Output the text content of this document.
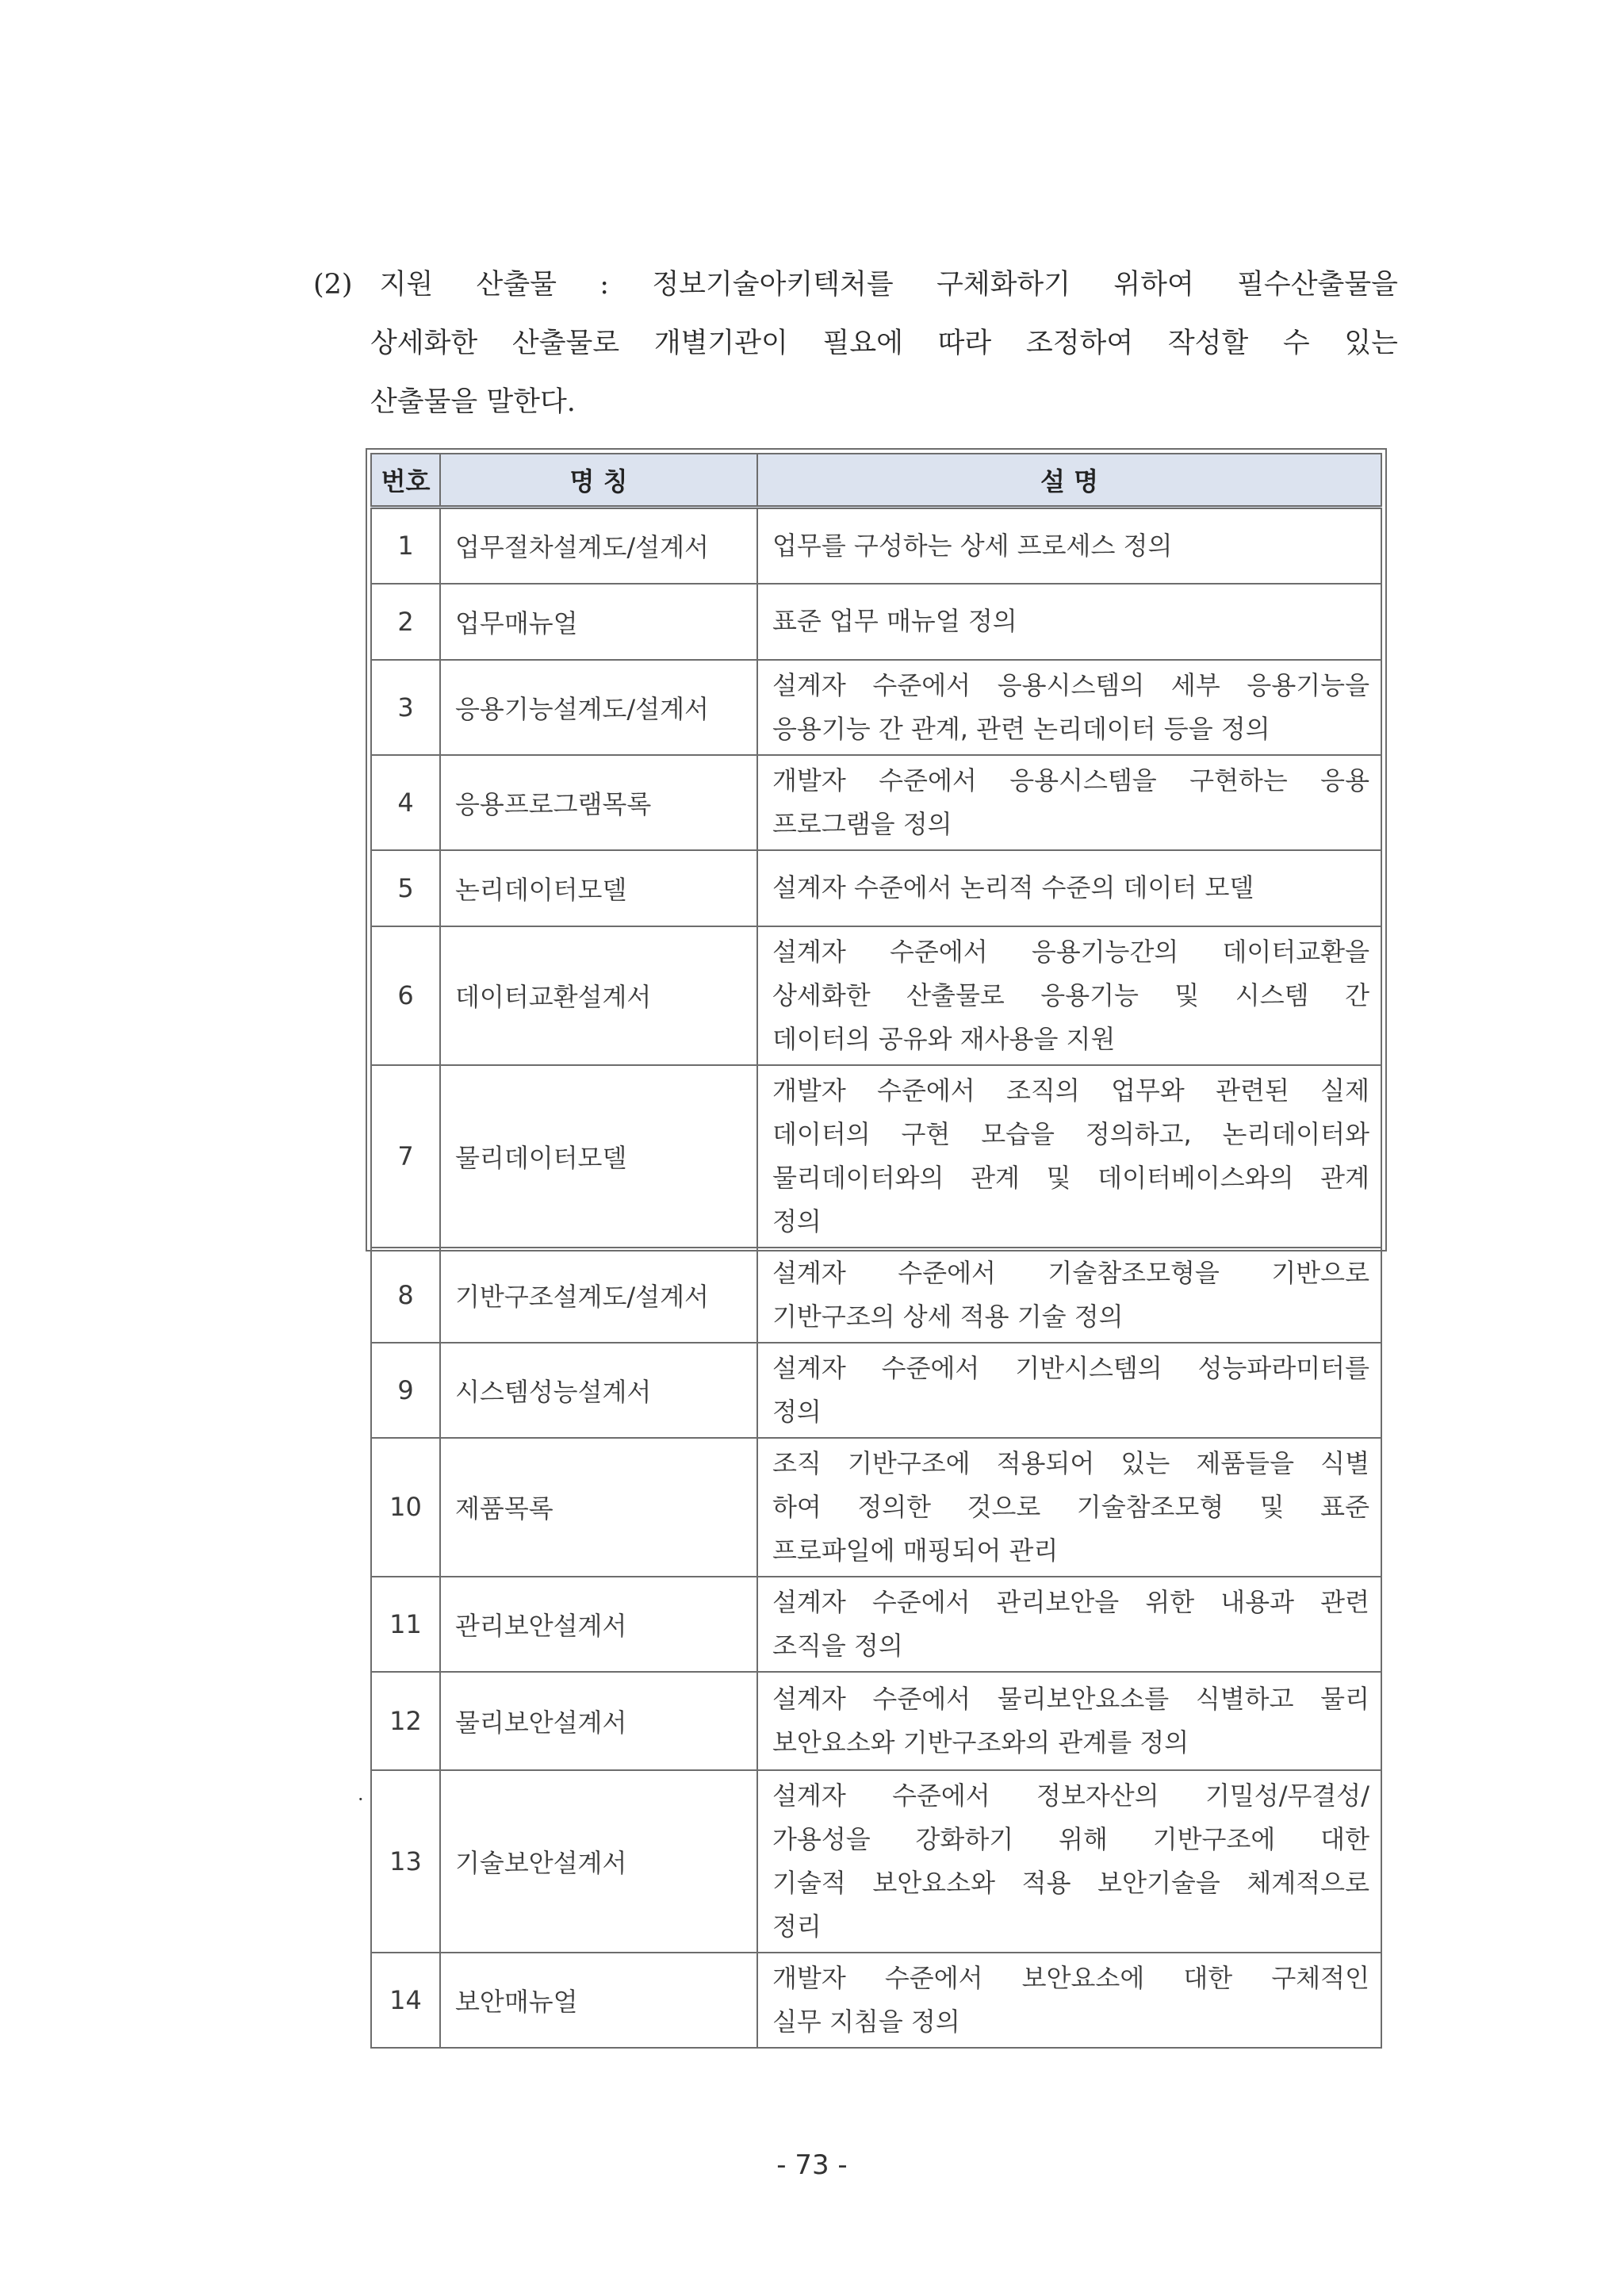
(2) 지원 산출물 : 정보기술아키텍처를 구체화하기 위하여 필수산출물을
상세화한 산출물로 개별기관이 필요에 따라 조정하여 작성할 수 있는
산출물을 말한다.
·
번호	명 칭	설 명
1	업무절차설계도/설계서	업무를 구성하는 상세 프로세스 정의

2	업무매뉴얼	표준 업무 매뉴얼 정의

3	응용기능설계도/설계서	설계자 수준에서 응용시스템의 세부 응용기능을
응용기능 간 관계, 관련 논리데이터 등을 정의

4	응용프로그램목록	개발자 수준에서 응용시스템을 구현하는 응용
프로그램을 정의

5	논리데이터모델	설계자 수준에서 논리적 수준의 데이터 모델

6	데이터교환설계서	설계자 수준에서 응용기능간의 데이터교환을
상세화한 산출물로 응용기능 및 시스템 간
데이터의 공유와 재사용을 지원

7	물리데이터모델	개발자 수준에서 조직의 업무와 관련된 실제
데이터의 구현 모습을 정의하고, 논리데이터와
물리데이터와의 관계 및 데이터베이스와의 관계
정의

8	기반구조설계도/설계서	설계자 수준에서 기술참조모형을 기반으로
기반구조의 상세 적용 기술 정의

9	시스템성능설계서	설계자 수준에서 기반시스템의 성능파라미터를
정의

10	제품목록	조직 기반구조에 적용되어 있는 제품들을 식별
하여 정의한 것으로 기술참조모형 및 표준
프로파일에 매핑되어 관리

11	관리보안설계서	설계자 수준에서 관리보안을 위한 내용과 관련
조직을 정의

12	물리보안설계서	설계자 수준에서 물리보안요소를 식별하고 물리
보안요소와 기반구조와의 관계를 정의

13	기술보안설계서	설계자 수준에서 정보자산의 기밀성/무결성/
가용성을 강화하기 위해 기반구조에 대한
기술적 보안요소와 적용 보안기술을 체계적으로
정리

14	보안매뉴얼	개발자 수준에서 보안요소에 대한 구체적인
실무 지침을 정의
- 73 -
